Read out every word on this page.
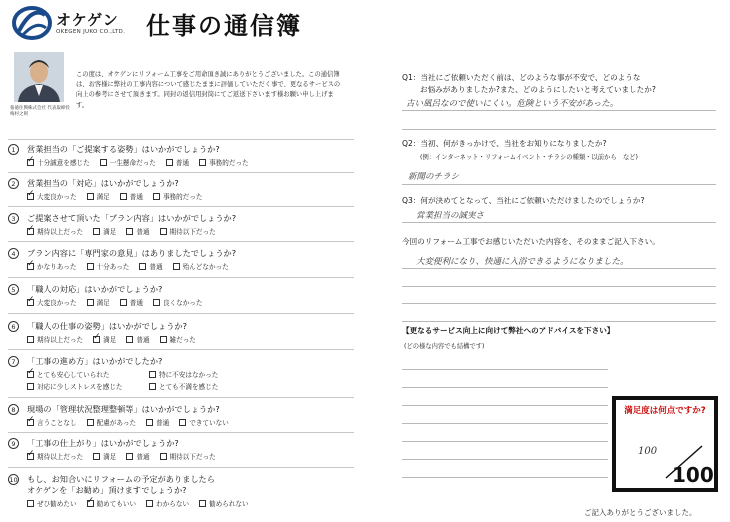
オケゲン
OKEGEN JUKO CO.,LTD. 仕事の通信簿
報徳住興株式会社 代表取締役 梅村之則
この度は、オケゲンにリフォーム工事をご用命頂き誠にありがとうございました。この通信簿は、お客様に弊社の工事内容について感じたままに評価していただく事で、更なるサービスの向上の参考にさせて頂きます。同封の返信用封筒にてご返送下さいます様お願い申し上げます。
1	営業担当の「ご提案する姿勢」はいかがでしょうか?
✓
十分誠意を感じた	一生懸命だった	普通	事務的だった
2	営業担当の「対応」はいかがでしょうか?
✓
大変良かった	満足	普通	事務的だった
3	ご提案させて頂いた「プラン内容」はいかがでしょうか?
✓
期待以上だった	満足	普通	期待以下だった
4	プラン内容に「専門家の意見」はありましたでしょうか?
✓
かなりあった	十分あった	普通	殆んどなかった
5	「職人の対応」はいかがでしょうか?
✓
大変良かった	満足	普通	良くなかった
6	「職人の仕事の姿勢」はいかがでしょうか?
期待以上だった ✓	満足	普通	雑だった
7	「工事の進め方」はいかがでしたか?
✓
とても安心していられた	特に不安はなかった
対応に少しストレスを感じた	とても不満を感じた
8	現場の「管理状況整理整頓等」はいかがでしょうか?
✓
言うことなし	配慮があった	普通	できていない
9	「工事の仕上がり」はいかがでしょうか?
✓
期待以上だった	満足	普通	期待以下だった
10 もし、お知合いにリフォームの予定がありましたら
オケゲンを「お勧め」頂けますでしょうか?
ぜひ勧めたい ✓	勧めてもいい	わからない	勧められない
Q1：当社にご依頼いただく前は、どのような事が不安で、どのような
お悩みがありましたか?また、どのようにしたいと考えていましたか?
古い風呂なので使いにくい。危険という不安があった。
Q2：当初、何がきっかけで、当社をお知りになりましたか?
(例：インターネット・リフォームイベント・チラシの種類・以前から　など)
新聞のチラシ
Q3：何が決めてとなって、当社にご依頼いただけましたのでしょうか?
営業担当の誠実さ
今回のリフォーム工事でお感じいただいた内容を、そのままご記入下さい。
大変便利になり、快適に入浴できるようになりました。
【更なるサービス向上に向けて弊社へのアドバイスを下さい】
(どの様な内容でも結構です)
満足度は何点ですか?
100
100
ご記入ありがとうございました。
